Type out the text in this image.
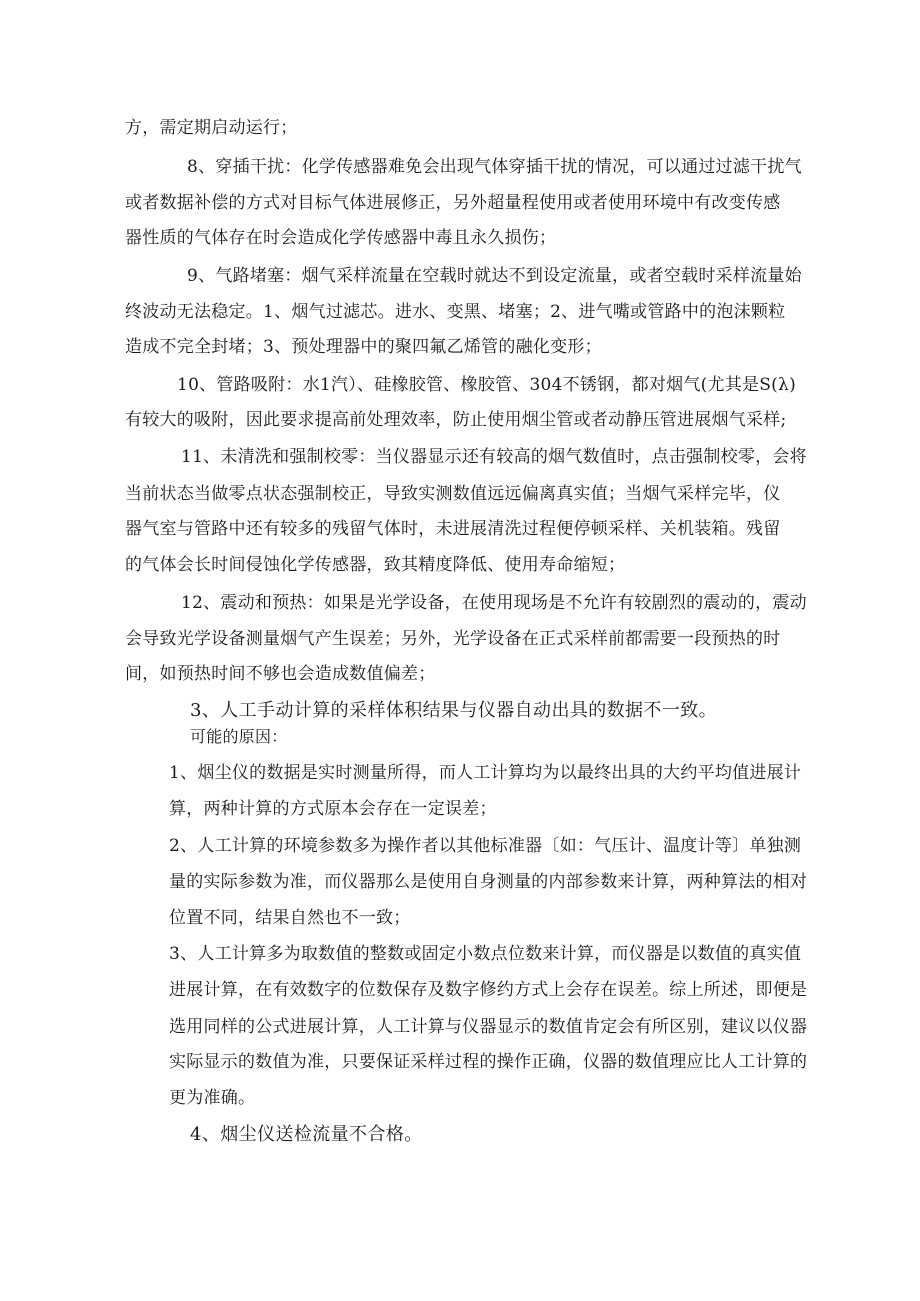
方，需定期启动运行；

8、穿插干扰：化学传感器难免会出现气体穿插干扰的情况，可以通过过滤干扰气

或者数据补偿的方式对目标气体进展修正，另外超量程使用或者使用环境中有改变传感

器性质的气体存在时会造成化学传感器中毒且永久损伤；

9、气路堵塞：烟气采样流量在空载时就达不到设定流量，或者空载时采样流量始

终波动无法稳定。1、烟气过滤芯。进水、变黑、堵塞；2、进气嘴或管路中的泡沫颗粒

造成不完全封堵；3、预处理器中的聚四氟乙烯管的融化变形；

10、管路吸附：水1汽）、硅橡胶管、橡胶管、304不锈钢，都对烟气(尤其是S(λ)

有较大的吸附，因此要求提高前处理效率，防止使用烟尘管或者动静压管进展烟气采样;

11、未清洗和强制校零：当仪器显示还有较高的烟气数值时，点击强制校零，会将

当前状态当做零点状态强制校正，导致实测数值远远偏离真实值；当烟气采样完毕，仪

器气室与管路中还有较多的残留气体时，未进展清洗过程便停顿采样、关机装箱。残留

的气体会长时间侵蚀化学传感器，致其精度降低、使用寿命缩短；

12、震动和预热：如果是光学设备，在使用现场是不允许有较剧烈的震动的，震动

会导致光学设备测量烟气产生误差；另外，光学设备在正式采样前都需要一段预热的时

间，如预热时间不够也会造成数值偏差；

3、人工手动计算的采样体积结果与仪器自动出具的数据不一致。

可能的原因：

1、烟尘仪的数据是实时测量所得，而人工计算均为以最终出具的大约平均值进展计

算，两种计算的方式原本会存在一定误差；

2、人工计算的环境参数多为操作者以其他标准器〔如：气压计、温度计等〕单独测

量的实际参数为准，而仪器那么是使用自身测量的内部参数来计算，两种算法的相对

位置不同，结果自然也不一致；

3、人工计算多为取数值的整数或固定小数点位数来计算，而仪器是以数值的真实值

进展计算，在有效数字的位数保存及数字修约方式上会存在误差。综上所述，即便是

选用同样的公式进展计算，人工计算与仪器显示的数值肯定会有所区别，建议以仪器

实际显示的数值为准，只要保证采样过程的操作正确，仪器的数值理应比人工计算的

更为准确。

4、烟尘仪送检流量不合格。
